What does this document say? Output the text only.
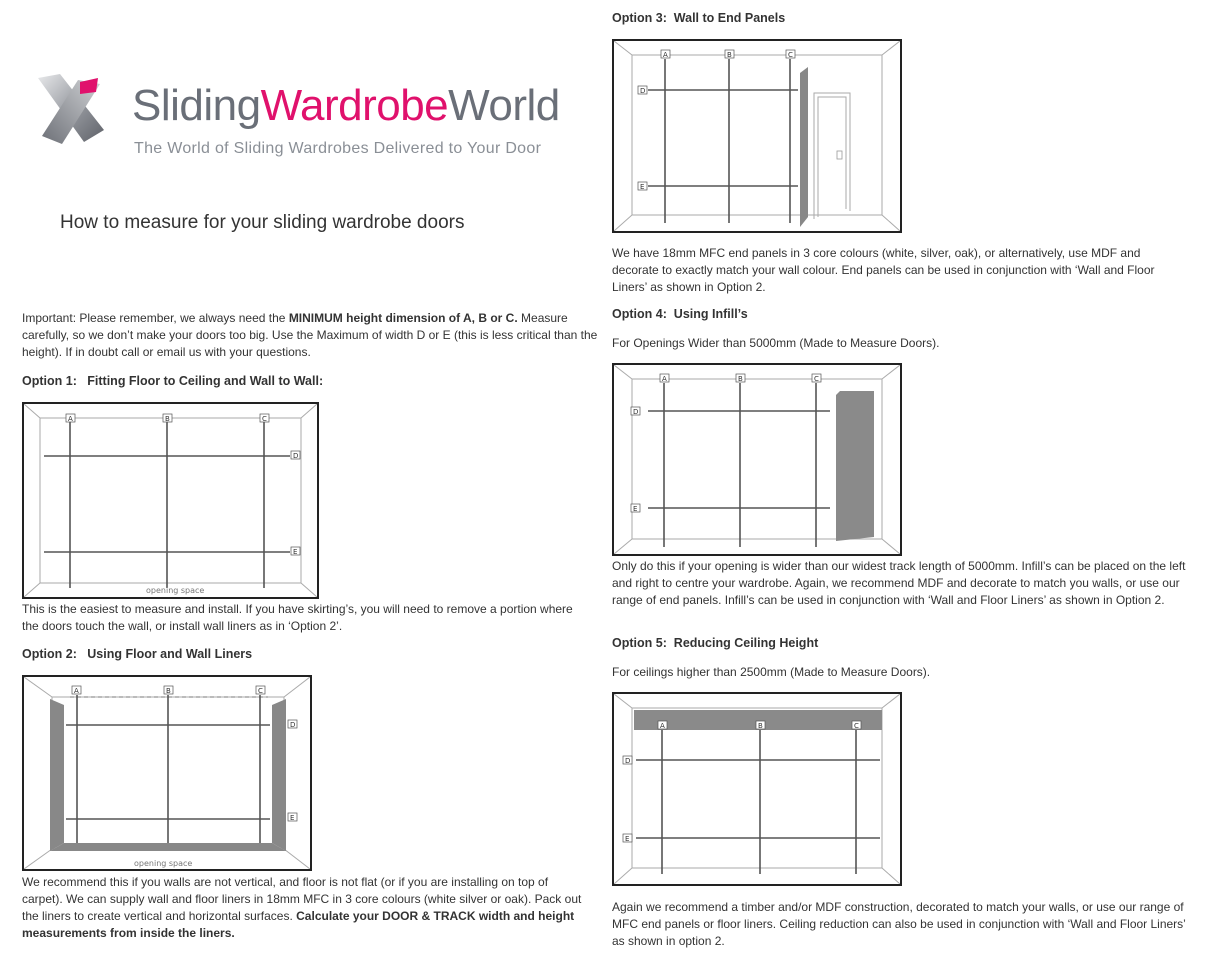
SlidingWardrobeWorld
The World of Sliding Wardrobes Delivered to Your Door
How to measure for your sliding wardrobe doors
Important: Please remember, we always need the MINIMUM height dimension of A, B or C. Measure carefully, so we don’t make your doors too big. Use the Maximum of width D or E (this is less critical than the height). If in doubt call or email us with your questions.
Option 1:   Fitting Floor to Ceiling and Wall to Wall:
A	B	C
D
E
opening space
This is the easiest to measure and install. If you have skirting’s, you will need to remove a portion where the doors touch the wall, or install wall liners as in ‘Option 2’.
Option 2:   Using Floor and Wall Liners
A	B	C
D
E
opening space
We recommend this if you walls are not vertical, and floor is not flat (or if you are installing on top of carpet). We can supply wall and floor liners in 18mm MFC in 3 core colours (white silver or oak). Pack out the liners to create vertical and horizontal surfaces. Calculate your DOOR & TRACK width and height measurements from inside the liners.
Option 3:  Wall to End Panels
A	B	C
D
E
We have 18mm MFC end panels in 3 core colours (white, silver, oak), or alternatively, use MDF and decorate to exactly match your wall colour. End panels can be used in conjunction with ‘Wall and Floor Liners’ as shown in Option 2.
Option 4:  Using Infill’s
For Openings Wider than 5000mm (Made to Measure Doors).
A	B	C
D
E
Only do this if your opening is wider than our widest track length of 5000mm. Infill’s can be placed on the left and right to centre your wardrobe. Again, we recommend MDF and decorate to match you walls, or use our range of end panels. Infill’s can be used in conjunction with ‘Wall and Floor Liners’ as shown in Option 2.
Option 5:  Reducing Ceiling Height
For ceilings higher than 2500mm (Made to Measure Doors).
A	B	C
D
E
Again we recommend a timber and/or MDF construction, decorated to match your walls, or use our range of MFC end panels or floor liners. Ceiling reduction can also be used in conjunction with ‘Wall and Floor Liners’ as shown in option 2.
